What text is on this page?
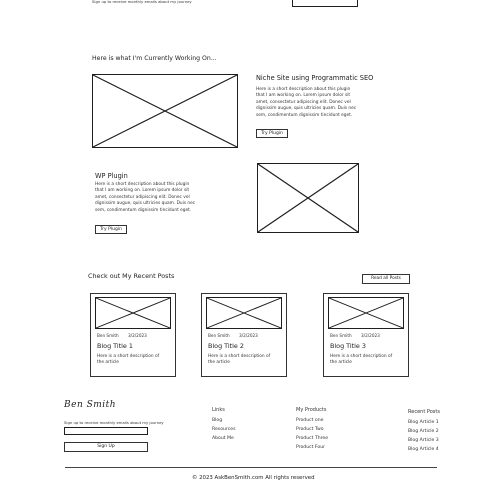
Sign up to receive monthly emails about my journey
Here is what I'm Currently Working On...
Niche Site using Programmatic SEO
Here is a short description about this plugin that I am working on. Lorem ipsum dolor sit amet, consectetur adipiscing elit. Donec vel dignissim augue, quis ultricies quam. Duis nec sem, condimentum dignissim tincidunt eget.
Try Plugin
WP Plugin
Here is a short description about this plugin that I am working on. Lorem ipsum dolor sit amet, consectetur adipiscing elit. Donec vel dignissim augue, quis ultricies quam. Duis nec sem, condimentum dignissim tincidunt eget.
Try Plugin
Check out My Recent Posts	Read all Posts
Ben Smith 3/2/2023
Blog Title 1
Here is a short description of the article
Ben Smith 3/2/2023
Blog Title 2
Here is a short description of the article
Ben Smith 3/2/2023
Blog Title 3
Here is a short description of the article
Ben Smith
Sign up to receive monthly emails about my journey
Sign Up
Links
Blog
Resources
About Me
My Products
Product one
Product Two
Product Three
Product Four
Recent Posts
Blog Article 1
Blog Article 2
Blog Article 3
Blog Article 4
© 2023 AskBenSmith.com All rights reserved
